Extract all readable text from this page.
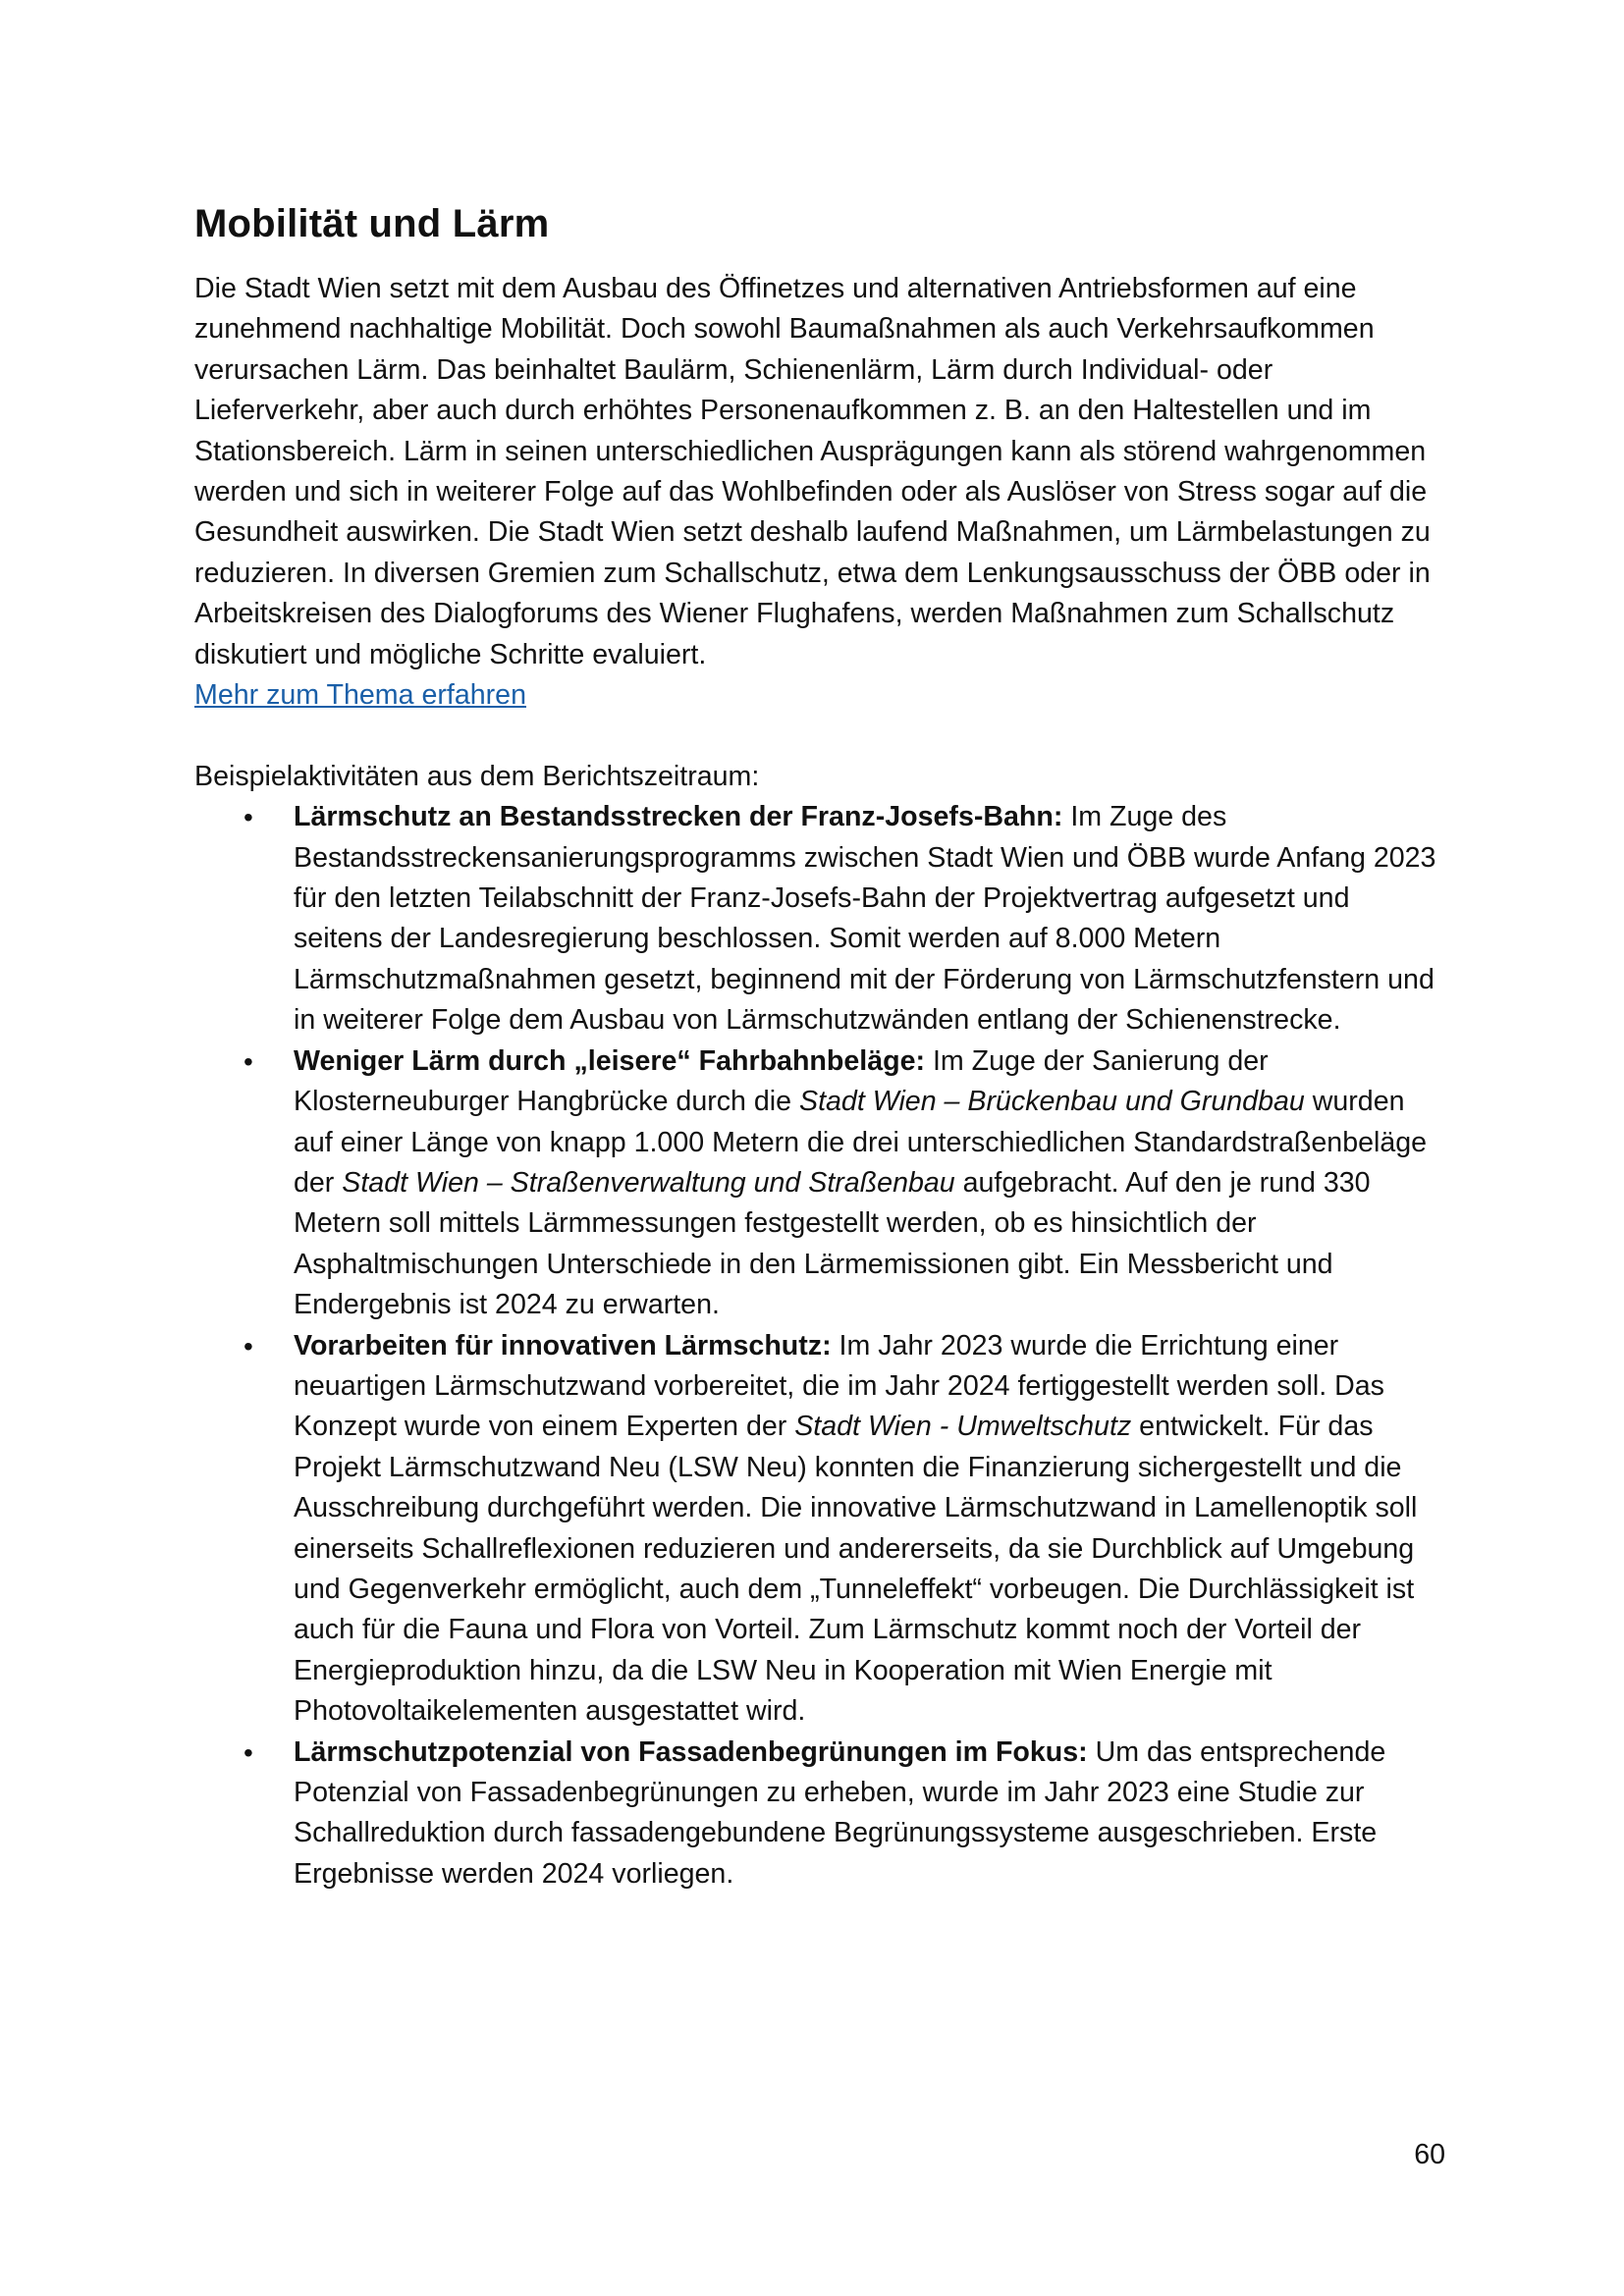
Mobilität und Lärm

Die Stadt Wien setzt mit dem Ausbau des Öffinetzes und alternativen Antriebsformen auf eine zunehmend nachhaltige Mobilität. Doch sowohl Baumaßnahmen als auch Verkehrsaufkommen verursachen Lärm. Das beinhaltet Baulärm, Schienenlärm, Lärm durch Individual- oder Lieferverkehr, aber auch durch erhöhtes Personenaufkommen z. B. an den Haltestellen und im Stationsbereich. Lärm in seinen unterschiedlichen Ausprägungen kann als störend wahrgenommen werden und sich in weiterer Folge auf das Wohlbefinden oder als Auslöser von Stress sogar auf die Gesundheit auswirken. Die Stadt Wien setzt deshalb laufend Maßnahmen, um Lärmbelastungen zu reduzieren. In diversen Gremien zum Schallschutz, etwa dem Lenkungsausschuss der ÖBB oder in Arbeitskreisen des Dialogforums des Wiener Flughafens, werden Maßnahmen zum Schallschutz diskutiert und mögliche Schritte evaluiert.

Mehr zum Thema erfahren
Beispielaktivitäten aus dem Berichtszeitraum:
• Lärmschutz an Bestandsstrecken der Franz-Josefs-Bahn: Im Zuge des Bestandsstreckensanierungsprogramms zwischen Stadt Wien und ÖBB wurde Anfang 2023 für den letzten Teilabschnitt der Franz-Josefs-Bahn der Projektvertrag aufgesetzt und seitens der Landesregierung beschlossen. Somit werden auf 8.000 Metern Lärmschutzmaßnahmen gesetzt, beginnend mit der Förderung von Lärmschutzfenstern und in weiterer Folge dem Ausbau von Lärmschutzwänden entlang der Schienenstrecke.
• Weniger Lärm durch „leisere“ Fahrbahnbeläge: Im Zuge der Sanierung der Klosterneuburger Hangbrücke durch die Stadt Wien – Brückenbau und Grundbau wurden auf einer Länge von knapp 1.000 Metern die drei unterschiedlichen Standardstraßenbeläge der Stadt Wien – Straßenverwaltung und Straßenbau aufgebracht. Auf den je rund 330 Metern soll mittels Lärmmessungen festgestellt werden, ob es hinsichtlich der Asphaltmischungen Unterschiede in den Lärmemissionen gibt. Ein Messbericht und Endergebnis ist 2024 zu erwarten.
• Vorarbeiten für innovativen Lärmschutz: Im Jahr 2023 wurde die Errichtung einer neuartigen Lärmschutzwand vorbereitet, die im Jahr 2024 fertiggestellt werden soll. Das Konzept wurde von einem Experten der Stadt Wien - Umweltschutz entwickelt. Für das Projekt Lärmschutzwand Neu (LSW Neu) konnten die Finanzierung sichergestellt und die Ausschreibung durchgeführt werden. Die innovative Lärmschutzwand in Lamellenoptik soll einerseits Schallreflexionen reduzieren und andererseits, da sie Durchblick auf Umgebung und Gegenverkehr ermöglicht, auch dem „Tunneleffekt“ vorbeugen. Die Durchlässigkeit ist auch für die Fauna und Flora von Vorteil. Zum Lärmschutz kommt noch der Vorteil der Energieproduktion hinzu, da die LSW Neu in Kooperation mit Wien Energie mit Photovoltaikelementen ausgestattet wird.
• Lärmschutzpotenzial von Fassadenbegrünungen im Fokus: Um das entsprechende Potenzial von Fassadenbegrünungen zu erheben, wurde im Jahr 2023 eine Studie zur Schallreduktion durch fassadengebundene Begrünungssysteme ausgeschrieben. Erste Ergebnisse werden 2024 vorliegen.
60
